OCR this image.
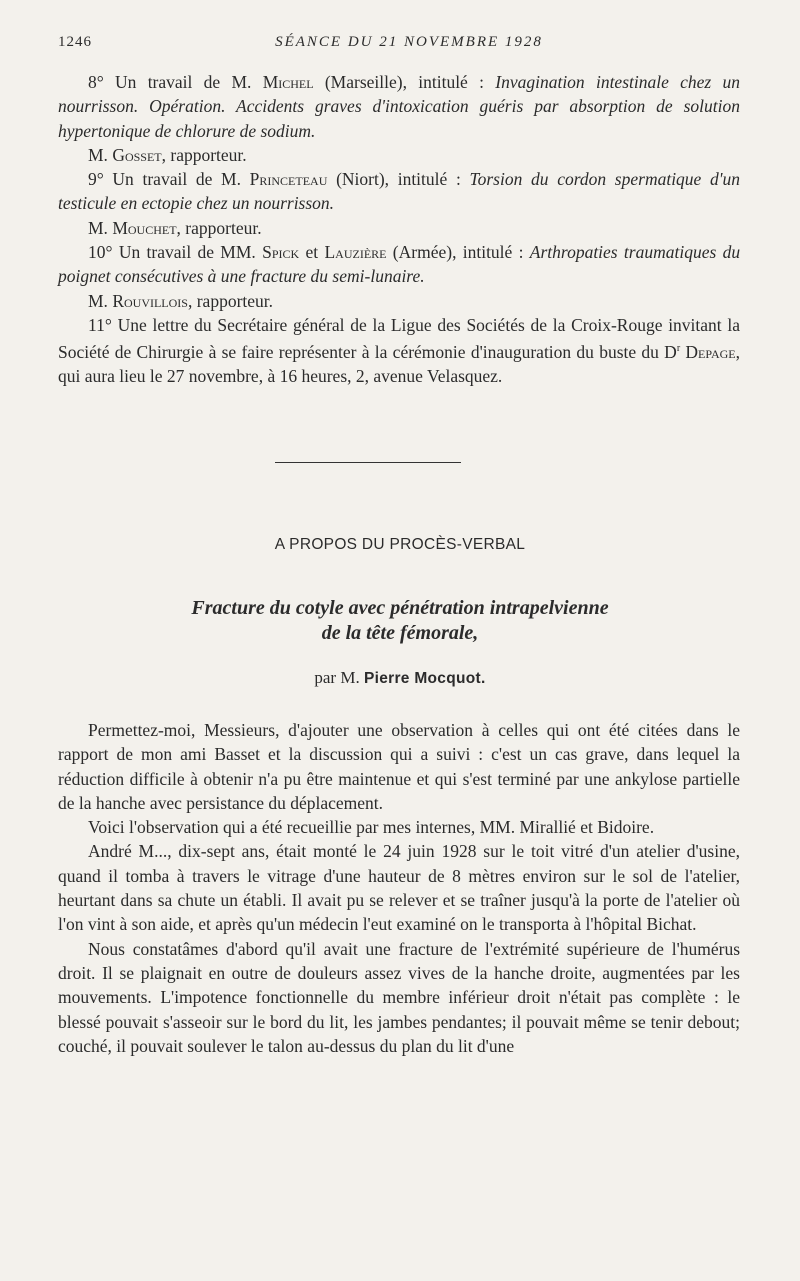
1246	SÉANCE DU 21 NOVEMBRE 1928

8° Un travail de M. Michel (Marseille), intitulé : Invagination intestinale chez un nourrisson. Opération. Accidents graves d'intoxication guéris par absorption de solution hypertonique de chlorure de sodium.

M. Gosset, rapporteur.

9° Un travail de M. Princeteau (Niort), intitulé : Torsion du cordon spermatique d'un testicule en ectopie chez un nourrisson.

M. Mouchet, rapporteur.

10° Un travail de MM. Spick et Lauzière (Armée), intitulé : Arthropaties traumatiques du poignet consécutives à une fracture du semi-lunaire.

M. Rouvillois, rapporteur.

11° Une lettre du Secrétaire général de la Ligue des Sociétés de la Croix-Rouge invitant la Société de Chirurgie à se faire représenter à la cérémonie d'inauguration du buste du $D^r$ Depage, qui aura lieu le 27 novembre, à 16 heures, 2, avenue Velasquez.

A PROPOS DU PROCÈS-VERBAL
Fracture du cotyle avec pénétration intrapelvienne
de la tête fémorale,
par M. Pierre Mocquot.

Permettez-moi, Messieurs, d'ajouter une observation à celles qui ont été citées dans le rapport de mon ami Basset et la discussion qui a suivi : c'est un cas grave, dans lequel la réduction difficile à obtenir n'a pu être maintenue et qui s'est terminé par une ankylose partielle de la hanche avec persistance du déplacement.

Voici l'observation qui a été recueillie par mes internes, MM. Mirallié et Bidoire.

André M..., dix-sept ans, était monté le 24 juin 1928 sur le toit vitré d'un atelier d'usine, quand il tomba à travers le vitrage d'une hauteur de 8 mètres environ sur le sol de l'atelier, heurtant dans sa chute un établi. Il avait pu se relever et se traîner jusqu'à la porte de l'atelier où l'on vint à son aide, et après qu'un médecin l'eut examiné on le transporta à l'hôpital Bichat.

Nous constatâmes d'abord qu'il avait une fracture de l'extrémité supérieure de l'humérus droit. Il se plaignait en outre de douleurs assez vives de la hanche droite, augmentées par les mouvements. L'impotence fonctionnelle du membre inférieur droit n'était pas complète : le blessé pouvait s'asseoir sur le bord du lit, les jambes pendantes; il pouvait même se tenir debout; couché, il pouvait soulever le talon au-dessus du plan du lit d'une
